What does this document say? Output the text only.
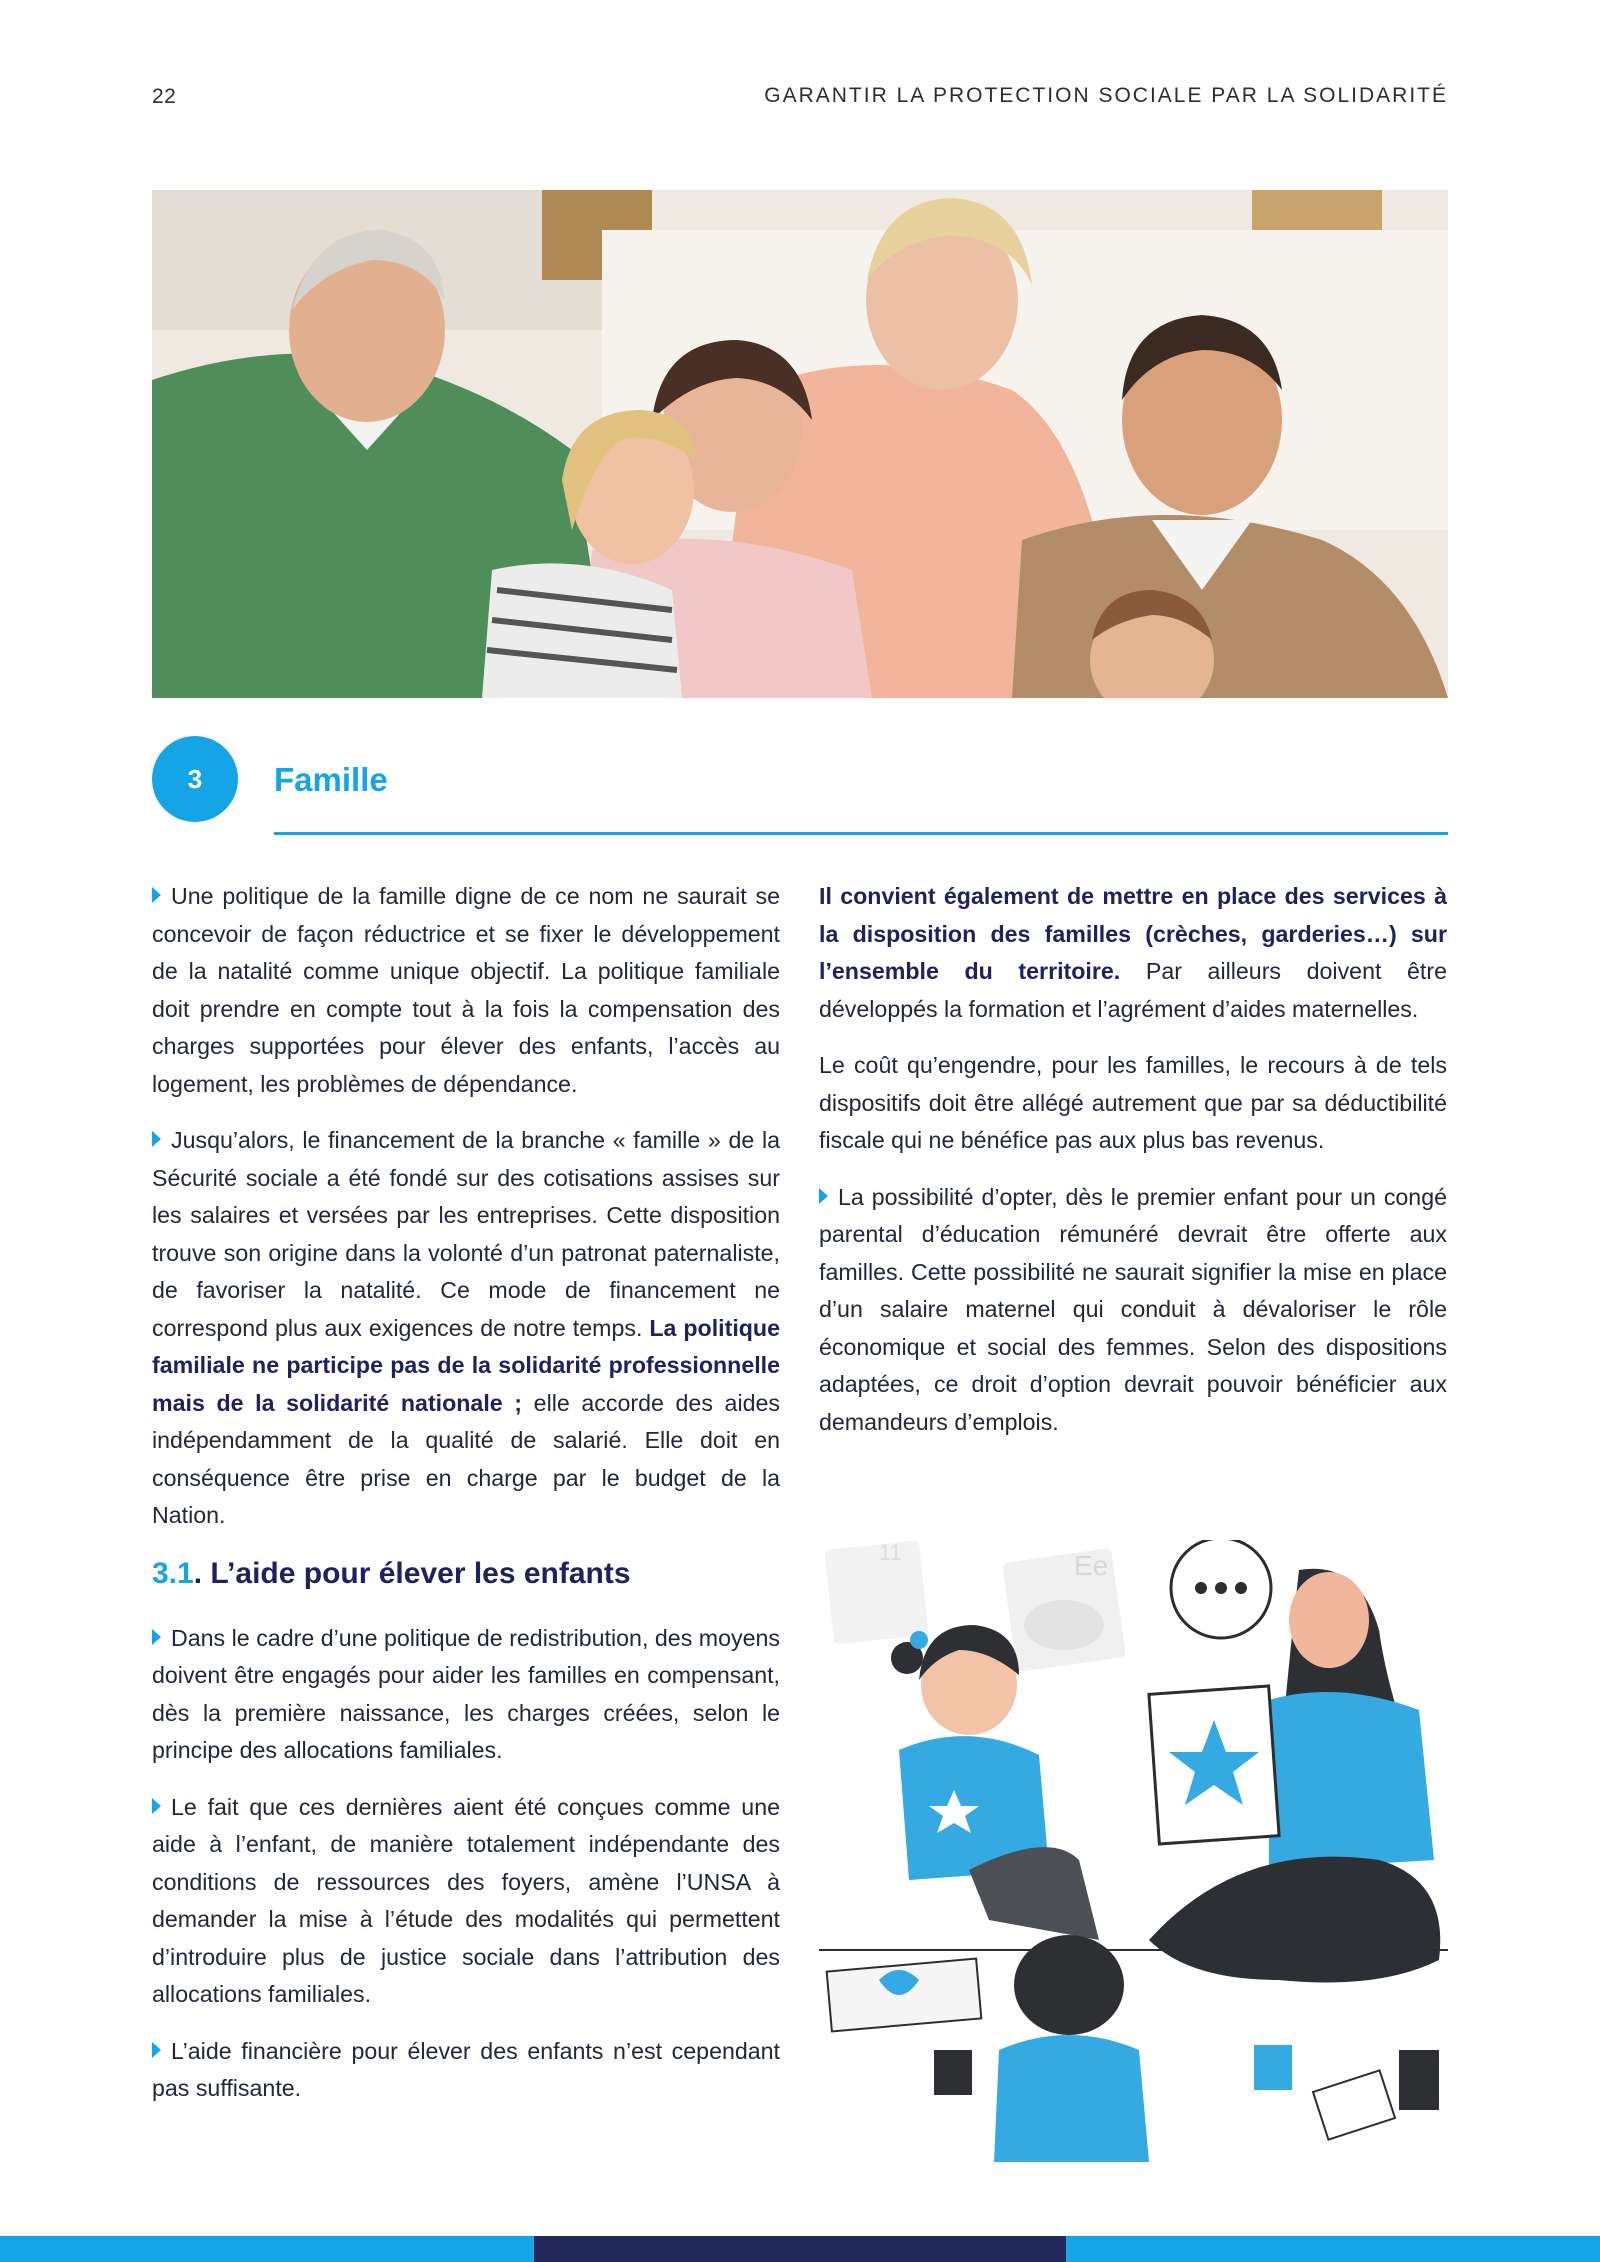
22	GARANTIR LA PROTECTION SOCIALE PAR LA SOLIDARITÉ
3	Famille

Une politique de la famille digne de ce nom ne saurait se concevoir de façon réductrice et se fixer le développement de la natalité comme unique objectif. La politique familiale doit prendre en compte tout à la fois la compensation des charges supportées pour élever des enfants, l’accès au logement, les problèmes de dépendance.

Jusqu’alors, le financement de la branche « famille » de la Sécurité sociale a été fondé sur des cotisations assises sur les salaires et versées par les entreprises. Cette disposition trouve son origine dans la volonté d’un patronat paternaliste, de favoriser la natalité. Ce mode de financement ne correspond plus aux exigences de notre temps. La politique familiale ne participe pas de la solidarité professionnelle mais de la solidarité nationale ; elle accorde des aides indépendamment de la qualité de salarié. Elle doit en conséquence être prise en charge par le budget de la Nation.

3.1. L’aide pour élever les enfants

Dans le cadre d’une politique de redistribution, des moyens doivent être engagés pour aider les familles en compensant, dès la première naissance, les charges créées, selon le principe des allocations familiales.

Le fait que ces dernières aient été conçues comme une aide à l’enfant, de manière totalement indépendante des conditions de ressources des foyers, amène l’UNSA à demander la mise à l’étude des modalités qui permettent d’introduire plus de justice sociale dans l’attribution des allocations familiales.

L’aide financière pour élever des enfants n’est cependant pas suffisante.

Il convient également de mettre en place des services à la disposition des familles (crèches, garderies…) sur l’ensemble du territoire. Par ailleurs doivent être développés la formation et l’agrément d’aides maternelles.

Le coût qu’engendre, pour les familles, le recours à de tels dispositifs doit être allégé autrement que par sa déductibilité fiscale qui ne bénéfice pas aux plus bas revenus.

La possibilité d’opter, dès le premier enfant pour un congé parental d’éducation rémunéré devrait être offerte aux familles. Cette possibilité ne saurait signifier la mise en place d’un salaire maternel qui conduit à dévaloriser le rôle économique et social des femmes. Selon des dispositions adaptées, ce droit d’option devrait pouvoir bénéficier aux demandeurs d’emplois.

Ee
11
